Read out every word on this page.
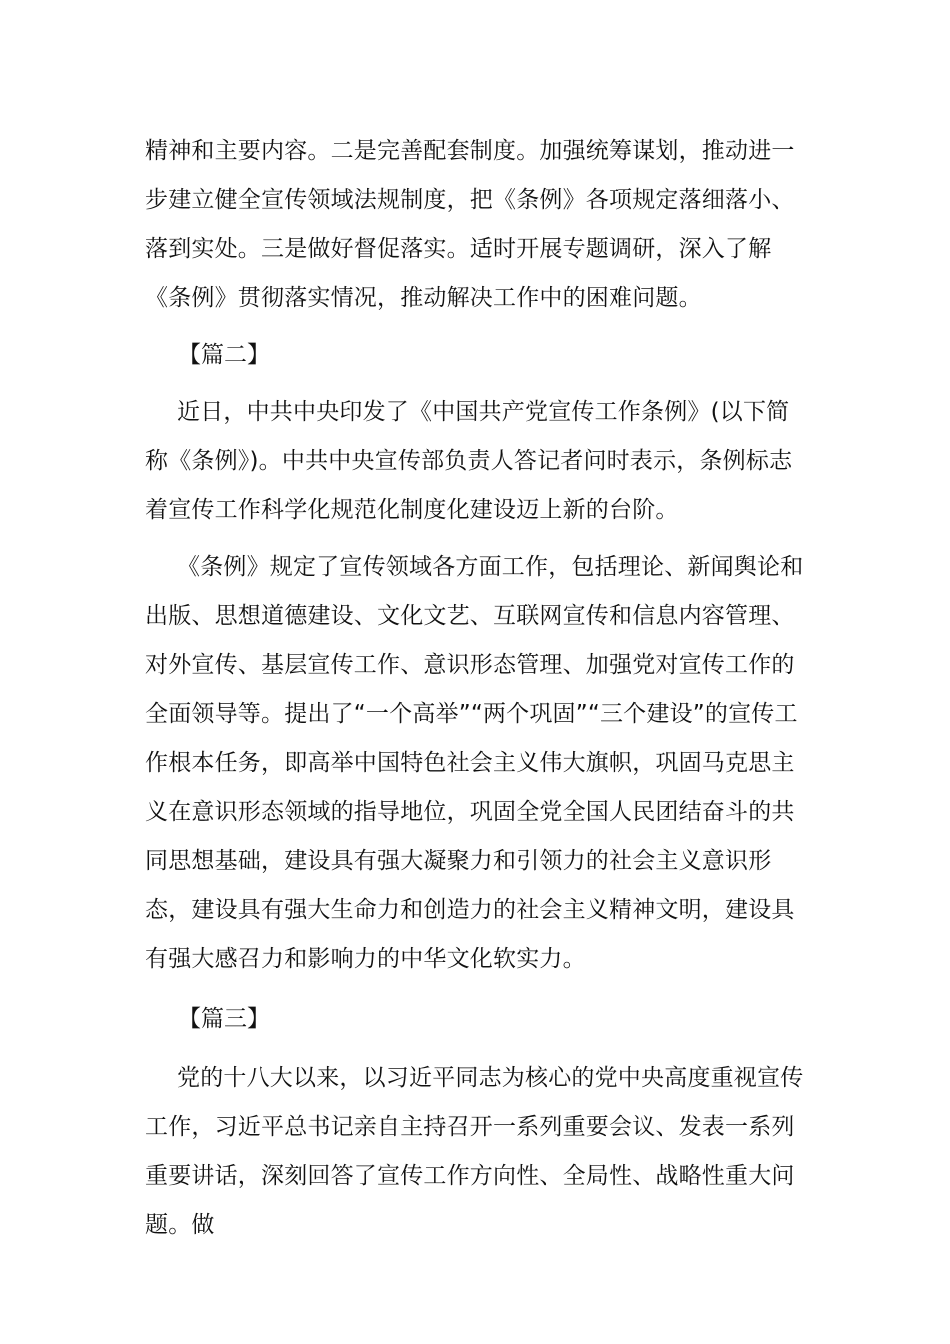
精神和主要内容。二是完善配套制度。加强统筹谋划，推动进一步建立健全宣传领域法规制度，把《条例》各项规定落细落小、落到实处。三是做好督促落实。适时开展专题调研，深入了解《条例》贯彻落实情况，推动解决工作中的困难问题。

【篇二】

近日，中共中央印发了《中国共产党宣传工作条例》(以下简称《条例》)。中共中央宣传部负责人答记者问时表示，条例标志着宣传工作科学化规范化制度化建设迈上新的台阶。

《条例》规定了宣传领域各方面工作，包括理论、新闻舆论和出版、思想道德建设、文化文艺、互联网宣传和信息内容管理、对外宣传、基层宣传工作、意识形态管理、加强党对宣传工作的全面领导等。提出了“一个高举”“两个巩固”“三个建设”的宣传工作根本任务，即高举中国特色社会主义伟大旗帜，巩固马克思主义在意识形态领域的指导地位，巩固全党全国人民团结奋斗的共同思想基础，建设具有强大凝聚力和引领力的社会主义意识形态，建设具有强大生命力和创造力的社会主义精神文明，建设具有强大感召力和影响力的中华文化软实力。

【篇三】

党的十八大以来，以习近平同志为核心的党中央高度重视宣传工作，习近平总书记亲自主持召开一系列重要会议、发表一系列重要讲话，深刻回答了宣传工作方向性、全局性、战略性重大问题。做
